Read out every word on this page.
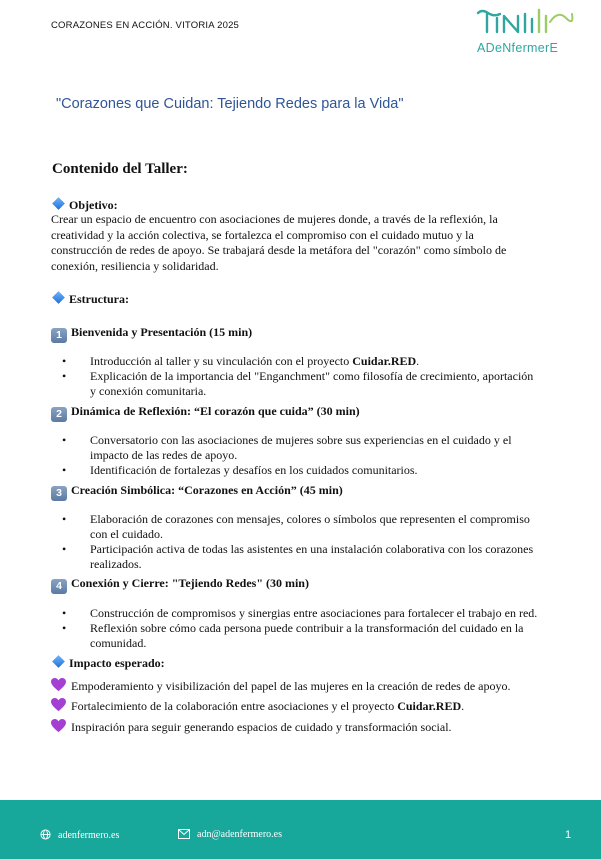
CORAZONES EN ACCIÓN. VITORIA 2025
ADeNfermerE
"Corazones que Cuidan: Tejiendo Redes para la Vida"
Contenido del Taller:
Objetivo:
Crear un espacio de encuentro con asociaciones de mujeres donde, a través de la reflexión, la
creatividad y la acción colectiva, se fortalezca el compromiso con el cuidado mutuo y la
construcción de redes de apoyo. Se trabajará desde la metáfora del "corazón" como símbolo de
conexión, resiliencia y solidaridad.
Estructura:
1 Bienvenida y Presentación (15 min)
• Introducción al taller y su vinculación con el proyecto Cuidar.RED.
• Explicación de la importancia del "Enganchment" como filosofía de crecimiento, aportación
y conexión comunitaria.
2 Dinámica de Reflexión: “El corazón que cuida” (30 min)
• Conversatorio con las asociaciones de mujeres sobre sus experiencias en el cuidado y el
impacto de las redes de apoyo.
• Identificación de fortalezas y desafíos en los cuidados comunitarios.
3 Creación Simbólica: “Corazones en Acción” (45 min)
• Elaboración de corazones con mensajes, colores o símbolos que representen el compromiso
con el cuidado.
• Participación activa de todas las asistentes en una instalación colaborativa con los corazones
realizados.
4 Conexión y Cierre: "Tejiendo Redes" (30 min)
• Construcción de compromisos y sinergias entre asociaciones para fortalecer el trabajo en red.
• Reflexión sobre cómo cada persona puede contribuir a la transformación del cuidado en la
comunidad.
Impacto esperado:
Empoderamiento y visibilización del papel de las mujeres en la creación de redes de apoyo.
Fortalecimiento de la colaboración entre asociaciones y el proyecto Cuidar.RED.
Inspiración para seguir generando espacios de cuidado y transformación social.
adenfermero.es	adn@adenfermero.es	1
